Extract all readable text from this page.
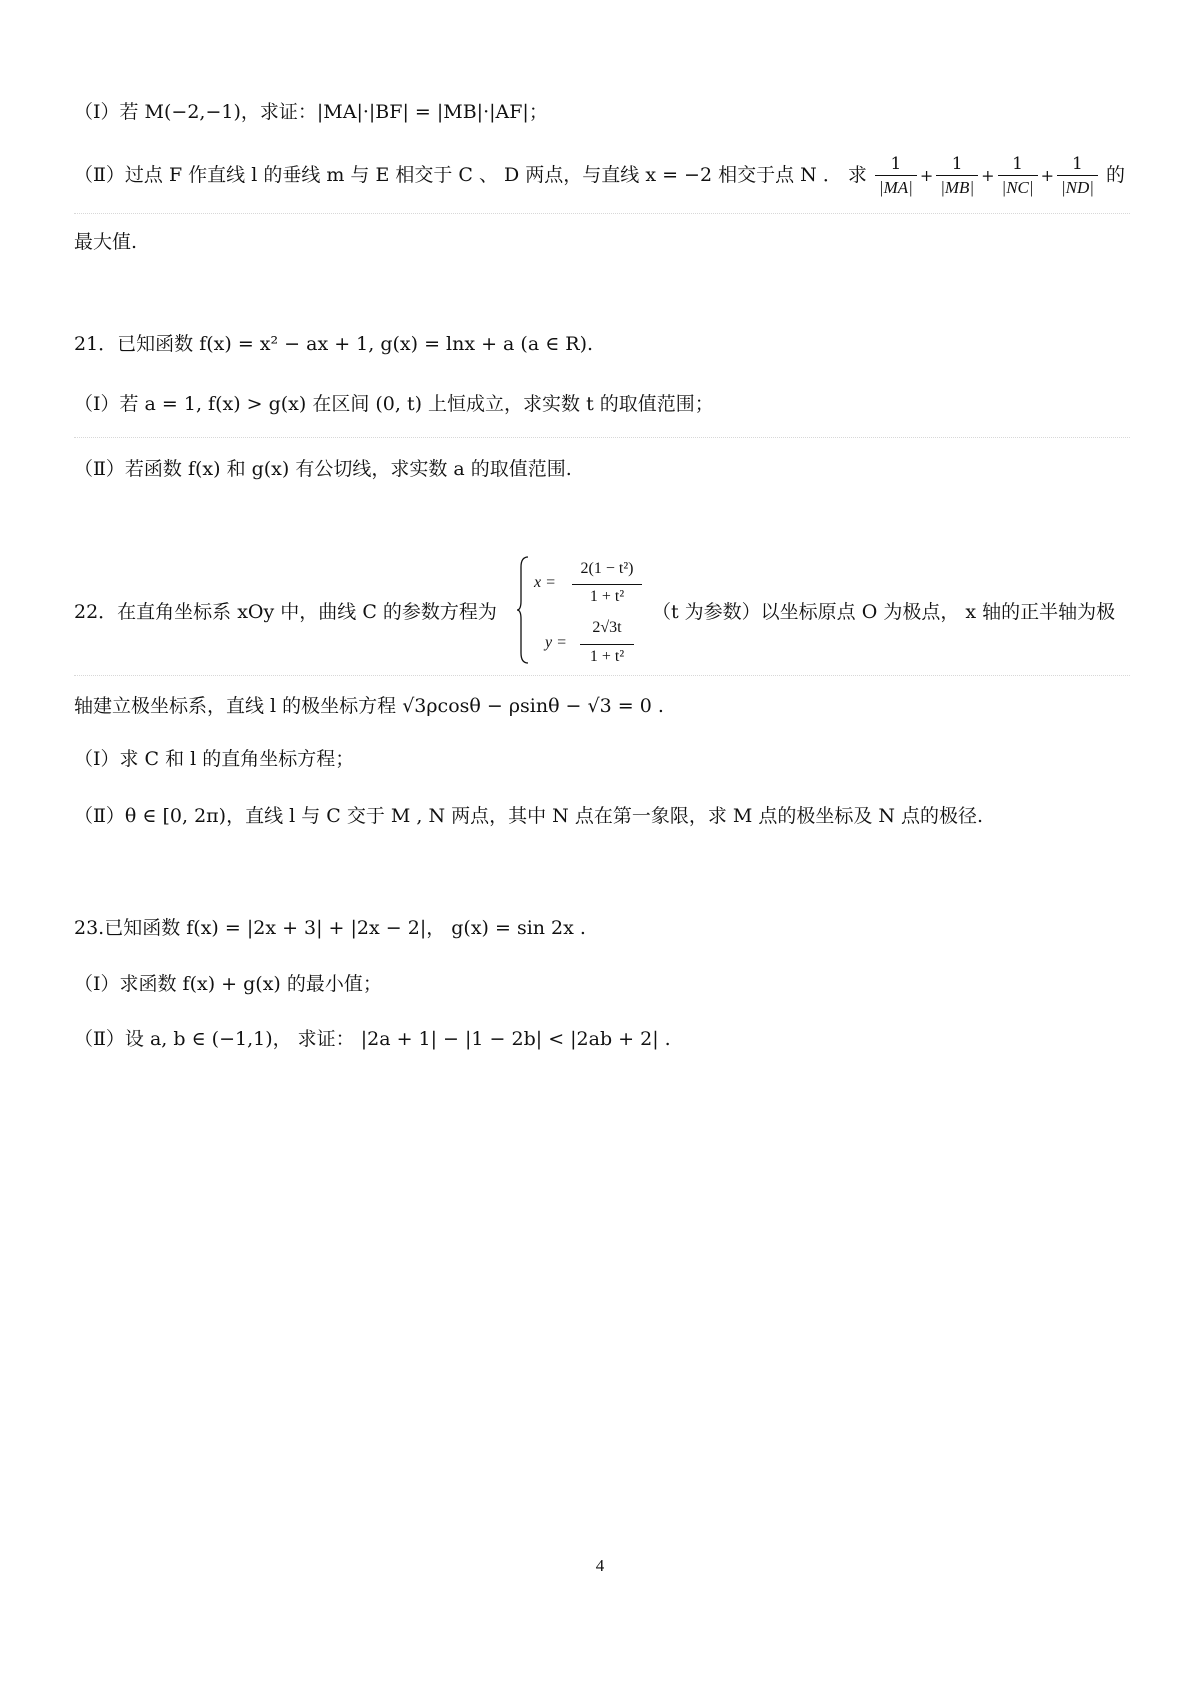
（Ⅰ）若 M(−2,−1)，求证：|MA|·|BF| = |MB|·|AF|；
（Ⅱ）过点 F 作直线 l 的垂线 m 与 E 相交于 C 、 D 两点，与直线 x = −2 相交于点 N ． 求 $\frac{1}{|MA|} + \frac{1}{|MB|} + \frac{1}{|NC|} + \frac{1}{|ND|}$ 的
最大值.
21．已知函数 f(x) = x² − ax + 1, g(x) = lnx + a (a ∈ R).
（Ⅰ）若 a = 1, f(x) > g(x) 在区间 (0, t) 上恒成立，求实数 t 的取值范围；
（Ⅱ）若函数 f(x) 和 g(x) 有公切线，求实数 a 的取值范围.
22．在直角坐标系 xOy 中，曲线 C 的参数方程为
x =
2(1 − t²)
1 + t²
y =
2√3t
1 + t²
（t 为参数）以坐标原点 O 为极点， x 轴的正半轴为极
轴建立极坐标系，直线 l 的极坐标方程 √3ρcosθ − ρsinθ − √3 = 0 .
（Ⅰ）求 C 和 l 的直角坐标方程；
（Ⅱ）θ ∈ [0, 2π)，直线 l 与 C 交于 M , N 两点，其中 N 点在第一象限，求 M 点的极坐标及 N 点的极径.
23.已知函数 f(x) = |2x + 3| + |2x − 2|， g(x) = sin 2x .
（Ⅰ）求函数 f(x) + g(x) 的最小值；
（Ⅱ）设 a, b ∈ (−1,1)， 求证： |2a + 1| − |1 − 2b| < |2ab + 2| .
4
